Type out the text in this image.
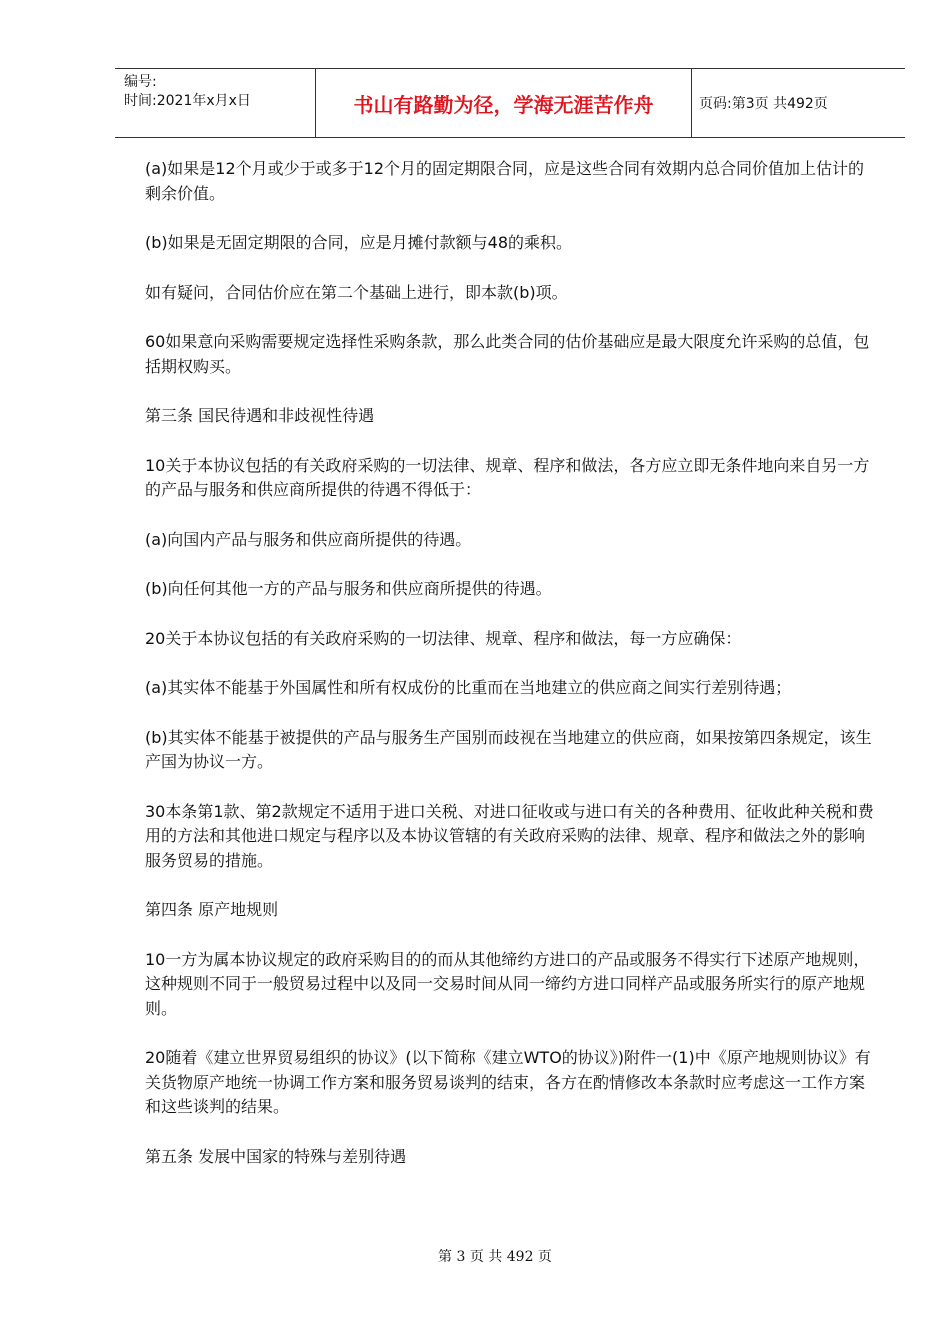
编号:
时间:2021年x月x日	书山有路勤为径，学海无涯苦作舟	页码:第3页 共492页

(a)如果是12个月或少于或多于12个月的固定期限合同，应是这些合同有效期内总合同价值加上估计的剩余价值。

(b)如果是无固定期限的合同，应是月摊付款额与48的乘积。

如有疑问，合同估价应在第二个基础上进行，即本款(b)项。

60如果意向采购需要规定选择性采购条款，那么此类合同的估价基础应是最大限度允许采购的总值，包括期权购买。

第三条 国民待遇和非歧视性待遇

10关于本协议包括的有关政府采购的一切法律、规章、程序和做法，各方应立即无条件地向来自另一方的产品与服务和供应商所提供的待遇不得低于：

(a)向国内产品与服务和供应商所提供的待遇。

(b)向任何其他一方的产品与服务和供应商所提供的待遇。

20关于本协议包括的有关政府采购的一切法律、规章、程序和做法，每一方应确保：

(a)其实体不能基于外国属性和所有权成份的比重而在当地建立的供应商之间实行差别待遇；

(b)其实体不能基于被提供的产品与服务生产国别而歧视在当地建立的供应商，如果按第四条规定，该生产国为协议一方。

30本条第1款、第2款规定不适用于进口关税、对进口征收或与进口有关的各种费用、征收此种关税和费用的方法和其他进口规定与程序以及本协议管辖的有关政府采购的法律、规章、程序和做法之外的影响服务贸易的措施。

第四条 原产地规则

10一方为属本协议规定的政府采购目的的而从其他缔约方进口的产品或服务不得实行下述原产地规则，这种规则不同于一般贸易过程中以及同一交易时间从同一缔约方进口同样产品或服务所实行的原产地规则。

20随着《建立世界贸易组织的协议》(以下简称《建立WTO的协议》)附件一(1)中《原产地规则协议》有关货物原产地统一协调工作方案和服务贸易谈判的结束，各方在酌情修改本条款时应考虑这一工作方案和这些谈判的结果。

第五条 发展中国家的特殊与差别待遇

第 3 页 共 492 页
